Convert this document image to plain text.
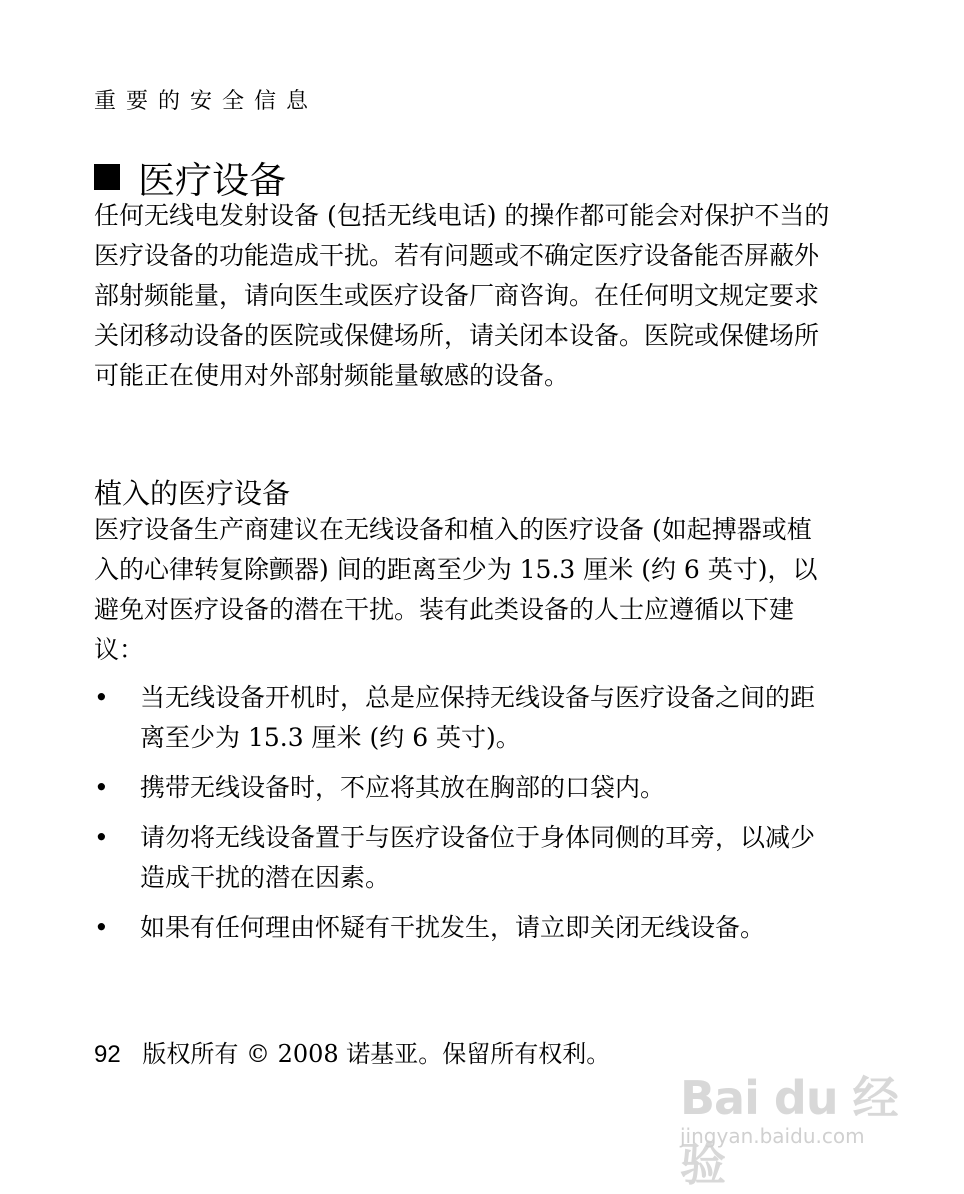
重要的安全信息
医疗设备
任何无线电发射设备 (包括无线电话) 的操作都可能会对保护不当的医疗设备的功能造成干扰。若有问题或不确定医疗设备能否屏蔽外部射频能量，请向医生或医疗设备厂商咨询。在任何明文规定要求关闭移动设备的医院或保健场所，请关闭本设备。医院或保健场所可能正在使用对外部射频能量敏感的设备。
植入的医疗设备
医疗设备生产商建议在无线设备和植入的医疗设备 (如起搏器或植入的心律转复除颤器) 间的距离至少为 15.3 厘米 (约 6 英寸)，以避免对医疗设备的潜在干扰。装有此类设备的人士应遵循以下建议：
•	当无线设备开机时，总是应保持无线设备与医疗设备之间的距离至少为 15.3 厘米 (约 6 英寸)。
•	携带无线设备时，不应将其放在胸部的口袋内。
•	请勿将无线设备置于与医疗设备位于身体同侧的耳旁，以减少造成干扰的潜在因素。
•	如果有任何理由怀疑有干扰发生，请立即关闭无线设备。
92 版权所有 © 2008 诺基亚。保留所有权利。
Bai du 经验
jingyan.baidu.com
